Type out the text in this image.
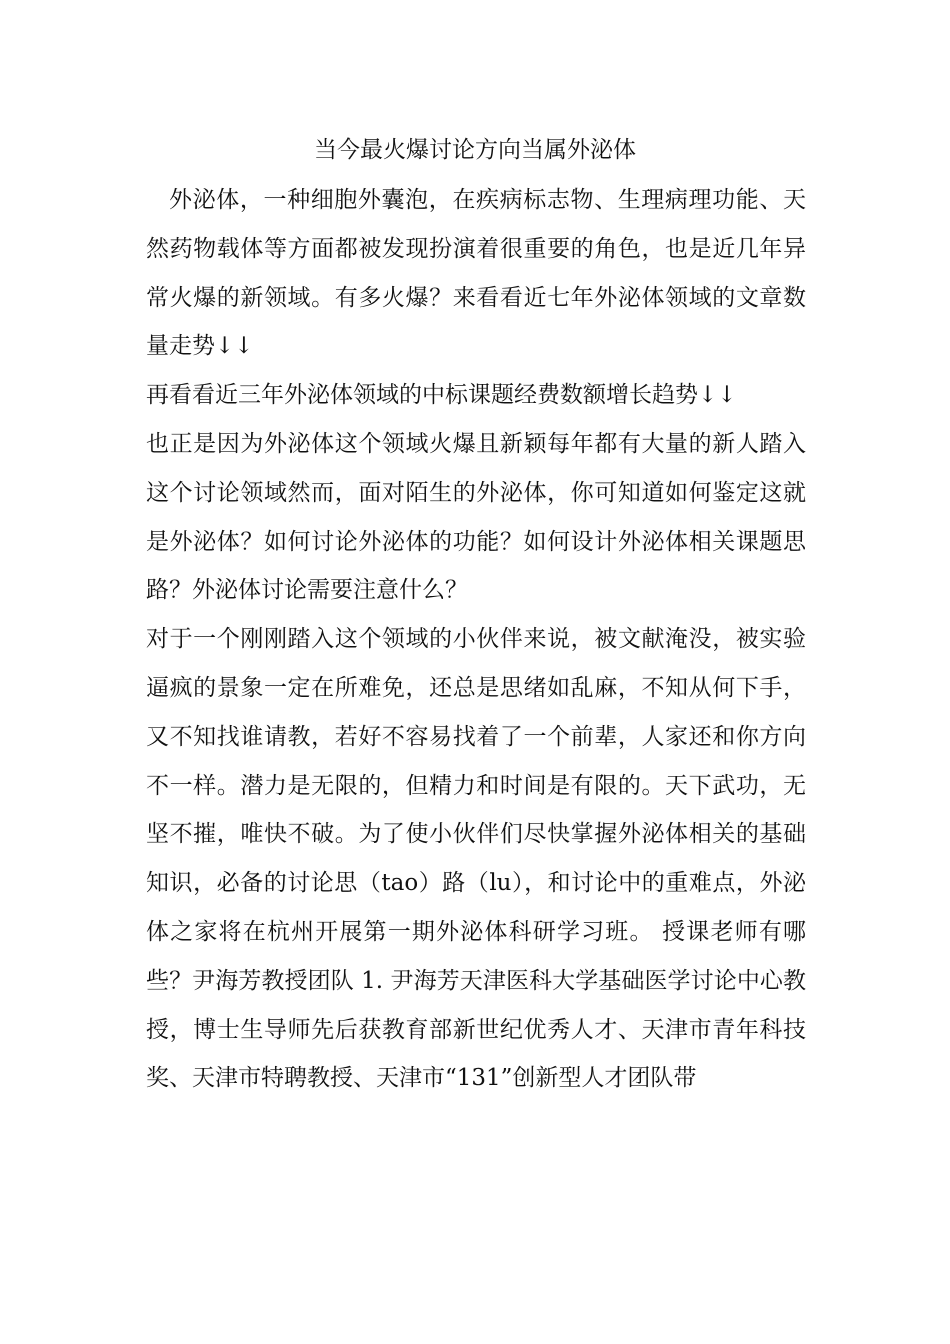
当今最火爆讨论方向当属外泌体

外泌体，一种细胞外囊泡，在疾病标志物、生理病理功能、天然药物载体等方面都被发现扮演着很重要的角色，也是近几年异常火爆的新领域。有多火爆？来看看近七年外泌体领域的文章数量走势↓↓

再看看近三年外泌体领域的中标课题经费数额增长趋势↓↓

也正是因为外泌体这个领域火爆且新颖每年都有大量的新人踏入这个讨论领域然而，面对陌生的外泌体，你可知道如何鉴定这就是外泌体？如何讨论外泌体的功能？如何设计外泌体相关课题思路？外泌体讨论需要注意什么？

对于一个刚刚踏入这个领域的小伙伴来说，被文献淹没，被实验逼疯的景象一定在所难免，还总是思绪如乱麻，不知从何下手，又不知找谁请教，若好不容易找着了一个前辈，人家还和你方向不一样。潜力是无限的，但精力和时间是有限的。天下武功，无坚不摧，唯快不破。为了使小伙伴们尽快掌握外泌体相关的基础知识，必备的讨论思（tao）路（lu），和讨论中的重难点，外泌体之家将在杭州开展第一期外泌体科研学习班。 授课老师有哪些？尹海芳教授团队 1. 尹海芳天津医科大学基础医学讨论中心教授，博士生导师先后获教育部新世纪优秀人才、天津市青年科技奖、天津市特聘教授、天津市“131”创新型人才团队带
